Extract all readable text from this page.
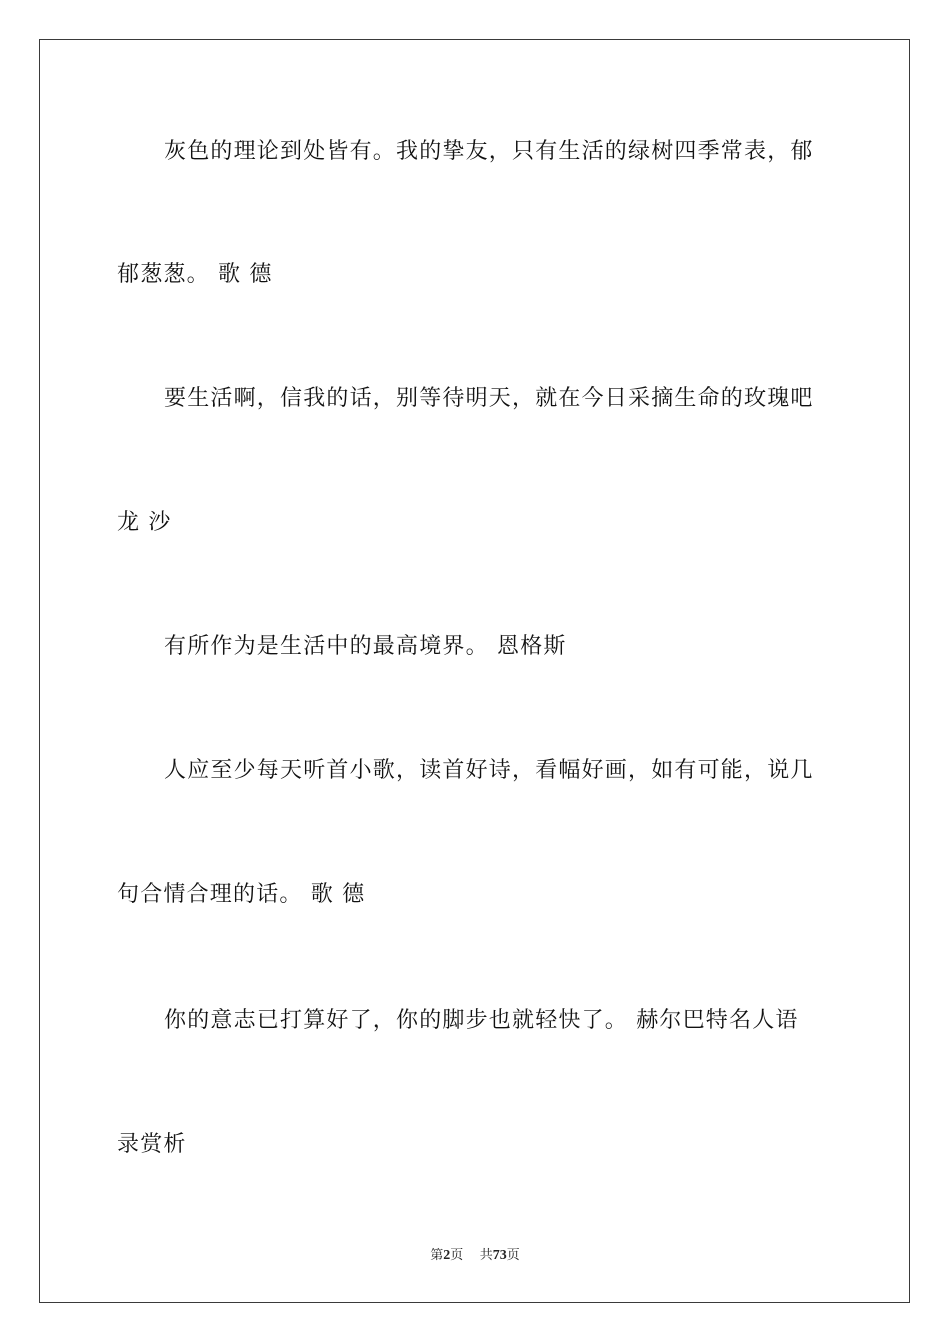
灰色的理论到处皆有。我的挚友，只有生活的绿树四季常表，郁
郁葱葱。 歌 德
要生活啊，信我的话，别等待明天，就在今日采摘生命的玫瑰吧
龙 沙
有所作为是生活中的最高境界。 恩格斯
人应至少每天听首小歌，读首好诗，看幅好画，如有可能，说几
句合情合理的话。 歌 德
你的意志已打算好了，你的脚步也就轻快了。 赫尔巴特名人语
录赏析
第2页 共73页
